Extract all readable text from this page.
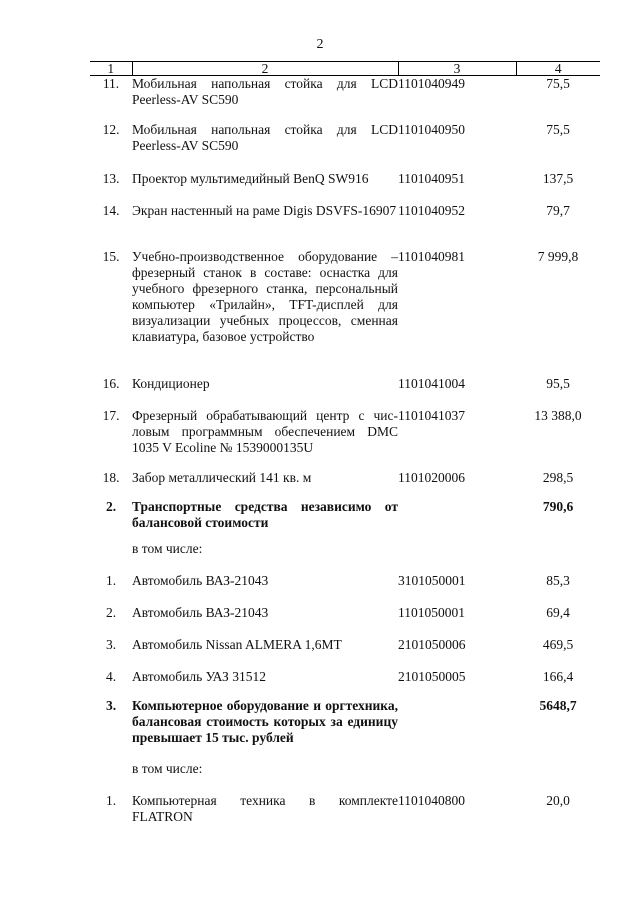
2
1	2	3	4
11.	Мобильная напольная стойка для LCD Peerless-AV SC590	1101040949	75,5
12.	Мобильная напольная стойка для LCD Peerless-AV SC590	1101040950	75,5
13.	Проектор мультимедийный BenQ SW916	1101040951	137,5
14.	Экран настенный на раме Digis DSVFS-16907	1101040952	79,7
15.	Учебно-производственное оборудование – фрезерный станок в составе: оснастка для учебного фрезерного станка, персональный компьютер «Трилайн», TFT-дисплей для визуализации учебных процессов, сменная клавиатура, базовое устройство	1101040981	7 999,8
16.	Кондиционер	1101041004	95,5
17.	Фрезерный обрабатывающий центр с числовым программным обеспечением DMC 1035 V Ecoline № 1539000135U	1101041037	13 388,0
18.	Забор металлический 141 кв. м	1101020006	298,5
2.	Транспортные средства независимо от балансовой стоимости		790,6
	в том числе:		
1.	Автомобиль ВАЗ-21043	3101050001	85,3
2.	Автомобиль ВАЗ-21043	1101050001	69,4
3.	Автомобиль Nissan ALMERA 1,6MT	2101050006	469,5
4.	Автомобиль УАЗ 31512	2101050005	166,4
3.	Компьютерное оборудование и оргтехника, балансовая стоимость которых за единицу превышает 15 тыс. рублей		5648,7
	в том числе:		
1.	Компьютерная техника в комплекте FLATRON	1101040800	20,0
